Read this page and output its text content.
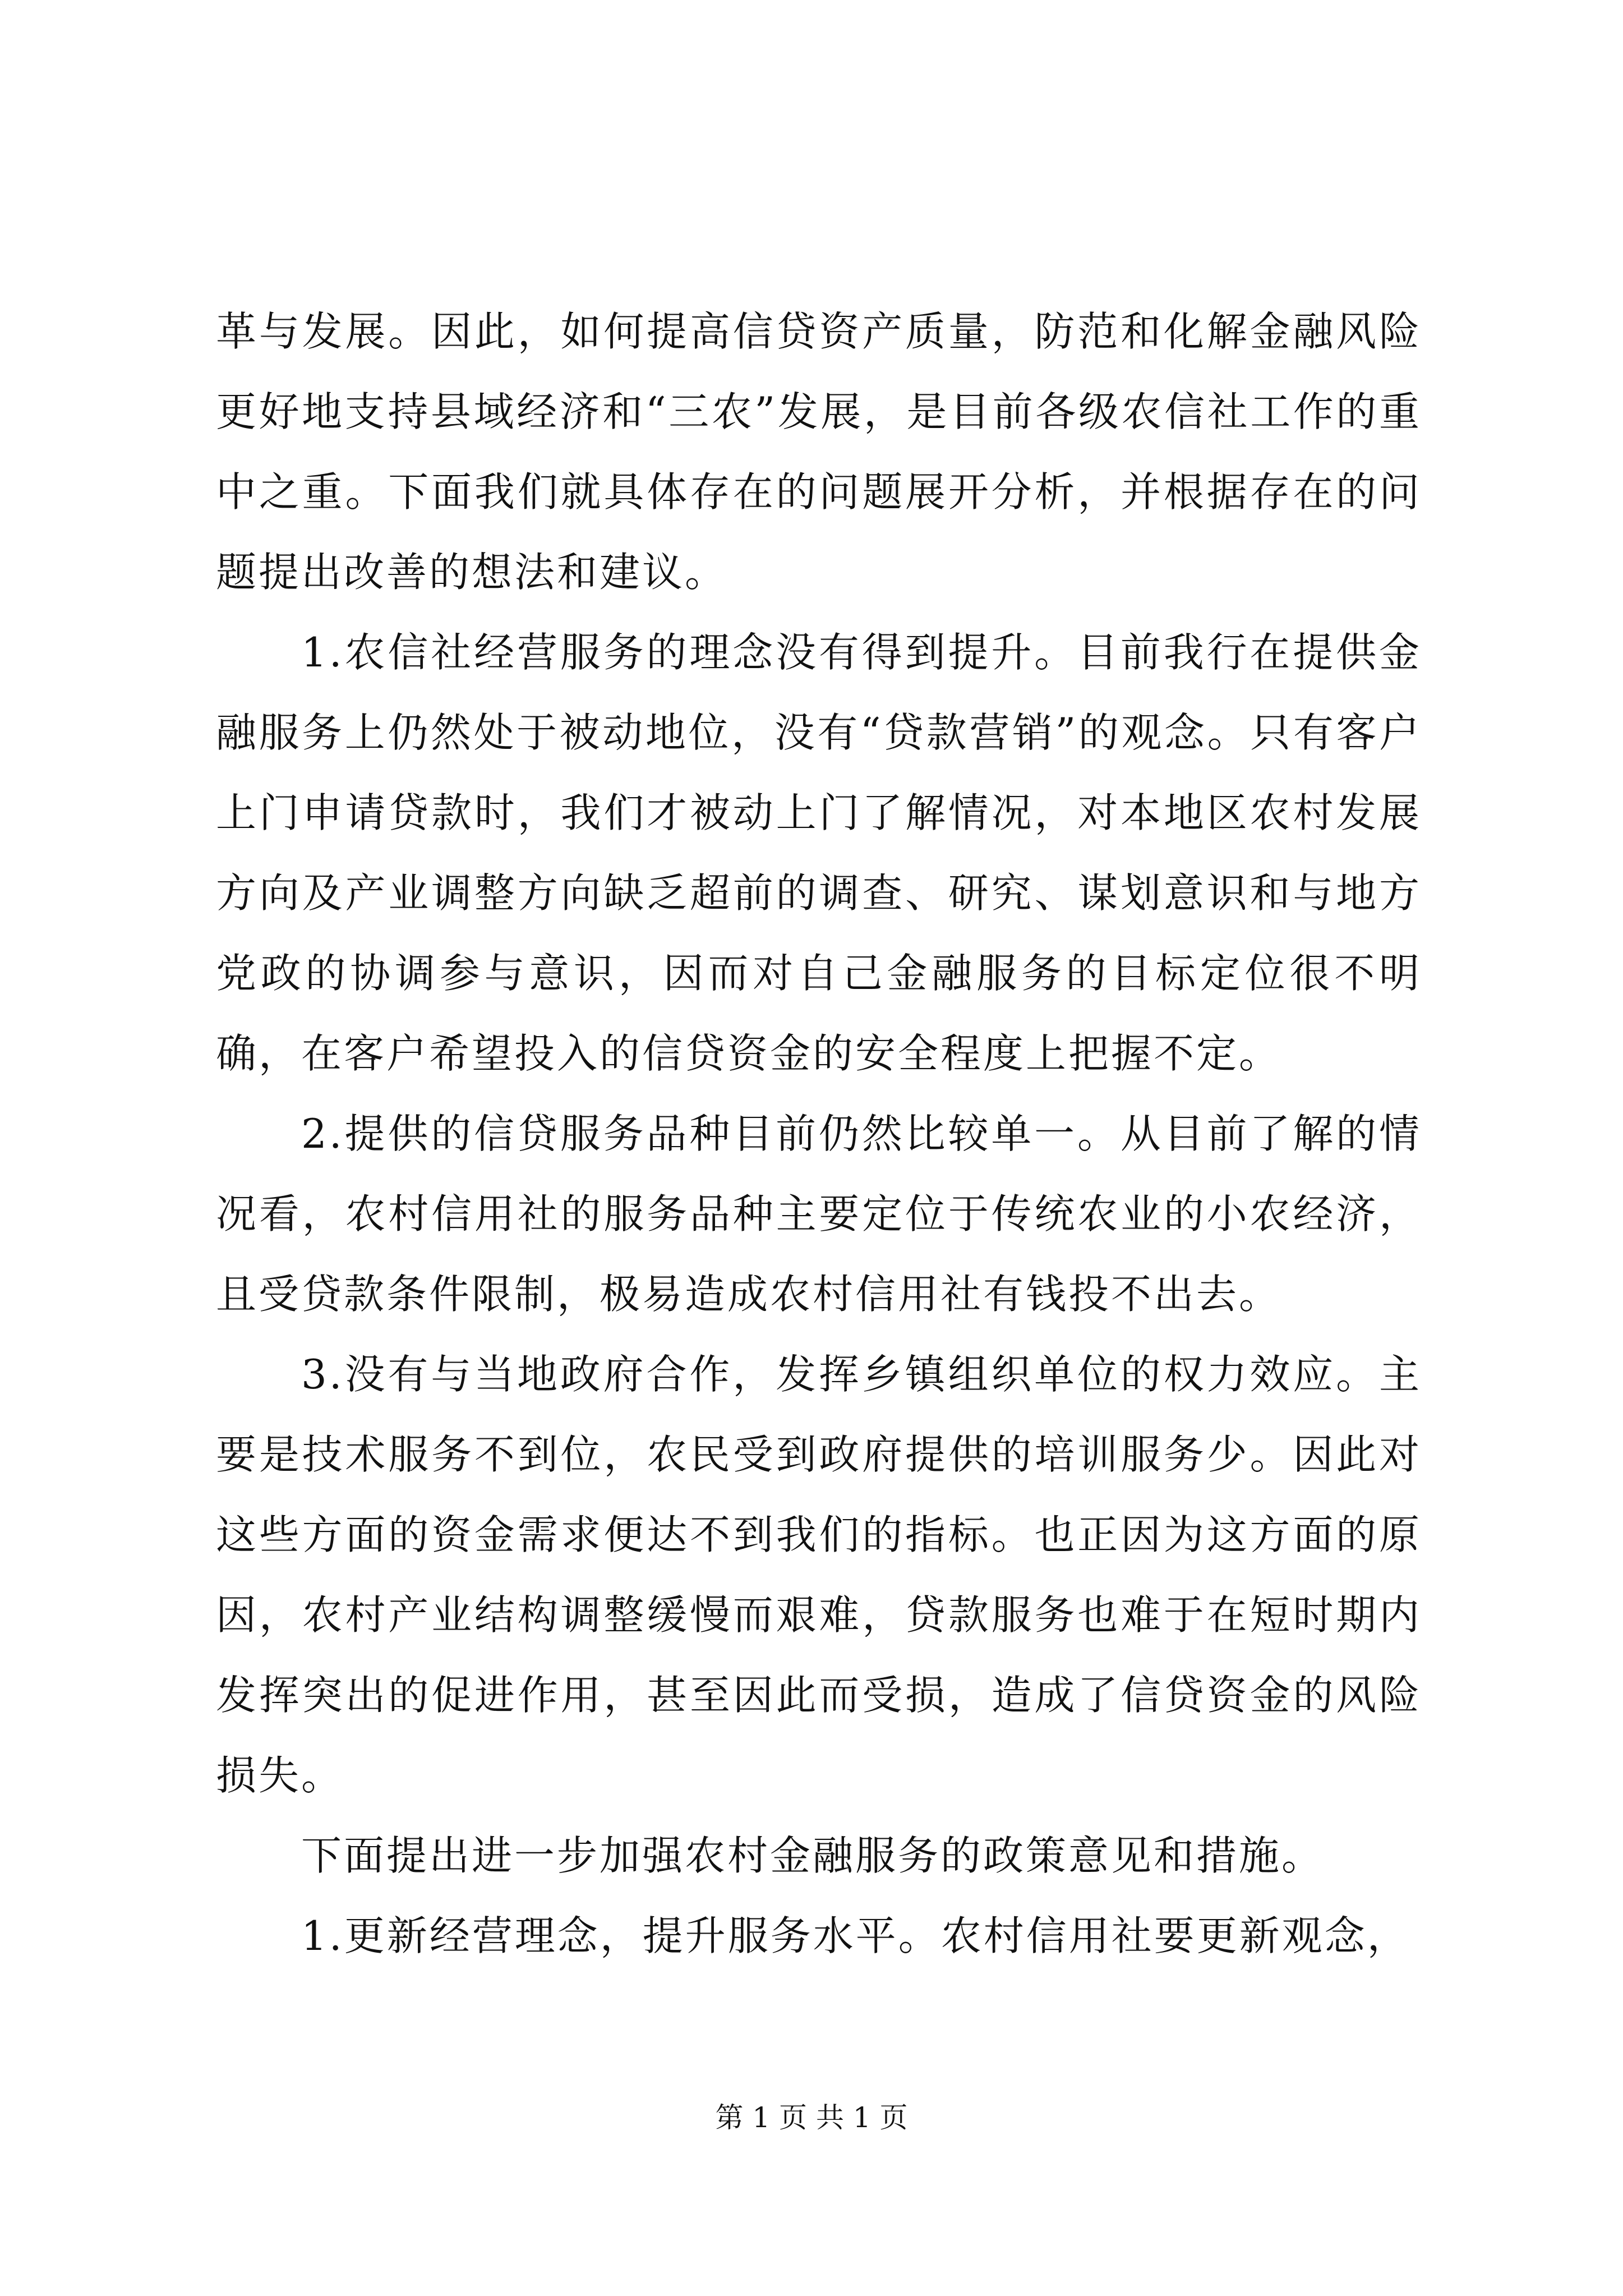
革与发展。因此，如何提高信贷资产质量，防范和化解金融风险更好地支持县域经济和“三农”发展，是目前各级农信社工作的重中之重。下面我们就具体存在的问题展开分析，并根据存在的问题提出改善的想法和建议。

1.农信社经营服务的理念没有得到提升。目前我行在提供金融服务上仍然处于被动地位，没有“贷款营销”的观念。只有客户上门申请贷款时，我们才被动上门了解情况，对本地区农村发展方向及产业调整方向缺乏超前的调查、研究、谋划意识和与地方党政的协调参与意识，因而对自己金融服务的目标定位很不明确，在客户希望投入的信贷资金的安全程度上把握不定。

2.提供的信贷服务品种目前仍然比较单一。从目前了解的情况看，农村信用社的服务品种主要定位于传统农业的小农经济，且受贷款条件限制，极易造成农村信用社有钱投不出去。

3.没有与当地政府合作，发挥乡镇组织单位的权力效应。主要是技术服务不到位，农民受到政府提供的培训服务少。因此对这些方面的资金需求便达不到我们的指标。也正因为这方面的原因，农村产业结构调整缓慢而艰难，贷款服务也难于在短时期内发挥突出的促进作用，甚至因此而受损，造成了信贷资金的风险损失。

下面提出进一步加强农村金融服务的政策意见和措施。

1.更新经营理念，提升服务水平。农村信用社要更新观念，

第 1 页 共 1 页
